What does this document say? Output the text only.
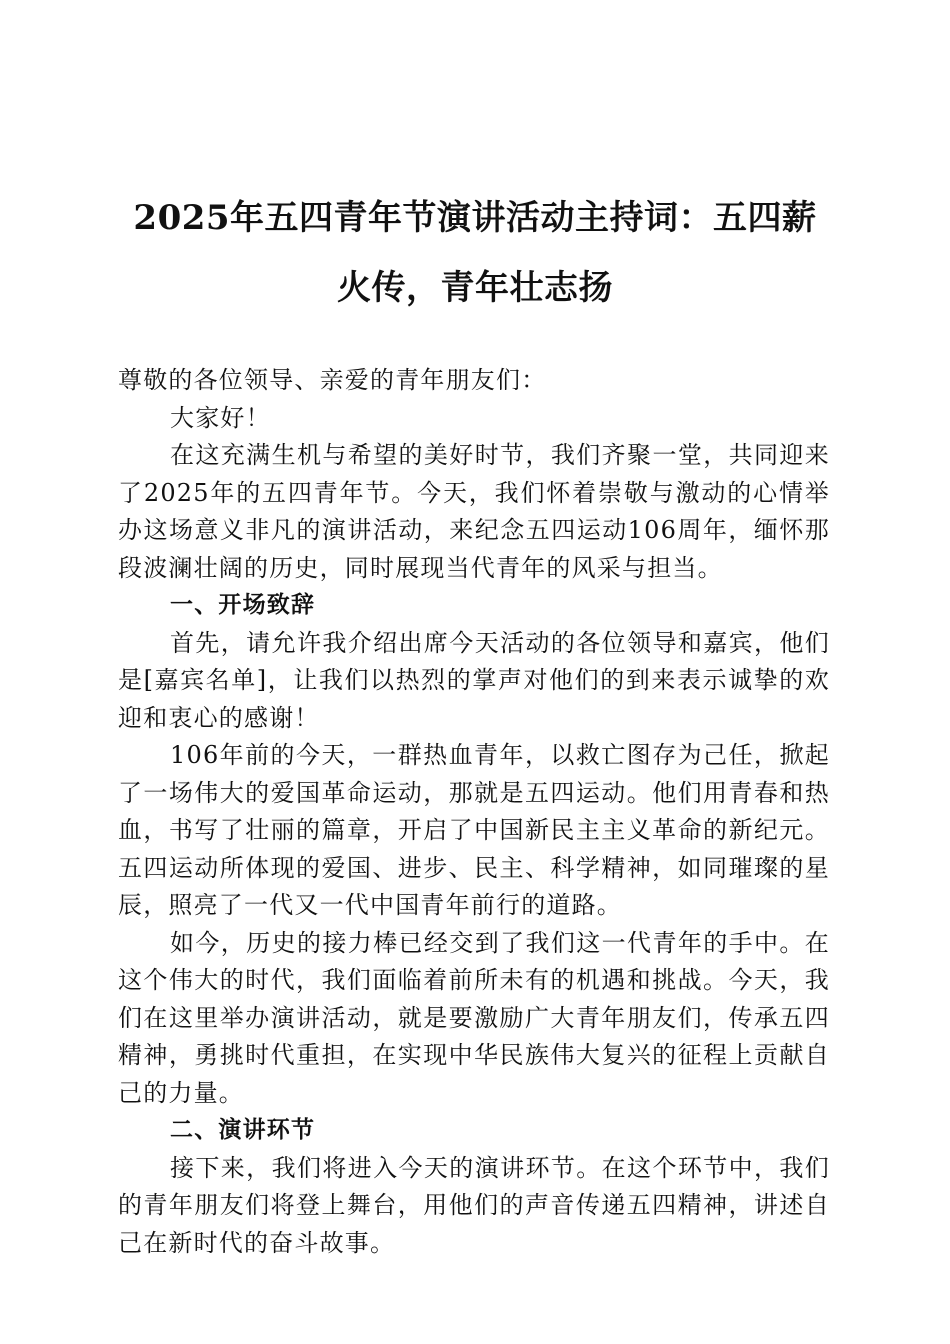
2025年五四青年节演讲活动主持词：五四薪
火传，青年壮志扬

尊敬的各位领导、亲爱的青年朋友们：

大家好！

在这充满生机与希望的美好时节，我们齐聚一堂，共同迎来了2025年的五四青年节。今天，我们怀着崇敬与激动的心情举办这场意义非凡的演讲活动，来纪念五四运动106周年，缅怀那段波澜壮阔的历史，同时展现当代青年的风采与担当。

一、开场致辞

首先，请允许我介绍出席今天活动的各位领导和嘉宾，他们是[嘉宾名单]，让我们以热烈的掌声对他们的到来表示诚挚的欢迎和衷心的感谢！

106年前的今天，一群热血青年，以救亡图存为己任，掀起了一场伟大的爱国革命运动，那就是五四运动。他们用青春和热血，书写了壮丽的篇章，开启了中国新民主主义革命的新纪元。五四运动所体现的爱国、进步、民主、科学精神，如同璀璨的星辰，照亮了一代又一代中国青年前行的道路。

如今，历史的接力棒已经交到了我们这一代青年的手中。在这个伟大的时代，我们面临着前所未有的机遇和挑战。今天，我们在这里举办演讲活动，就是要激励广大青年朋友们，传承五四精神，勇挑时代重担，在实现中华民族伟大复兴的征程上贡献自己的力量。

二、演讲环节

接下来，我们将进入今天的演讲环节。在这个环节中，我们的青年朋友们将登上舞台，用他们的声音传递五四精神，讲述自己在新时代的奋斗故事。
